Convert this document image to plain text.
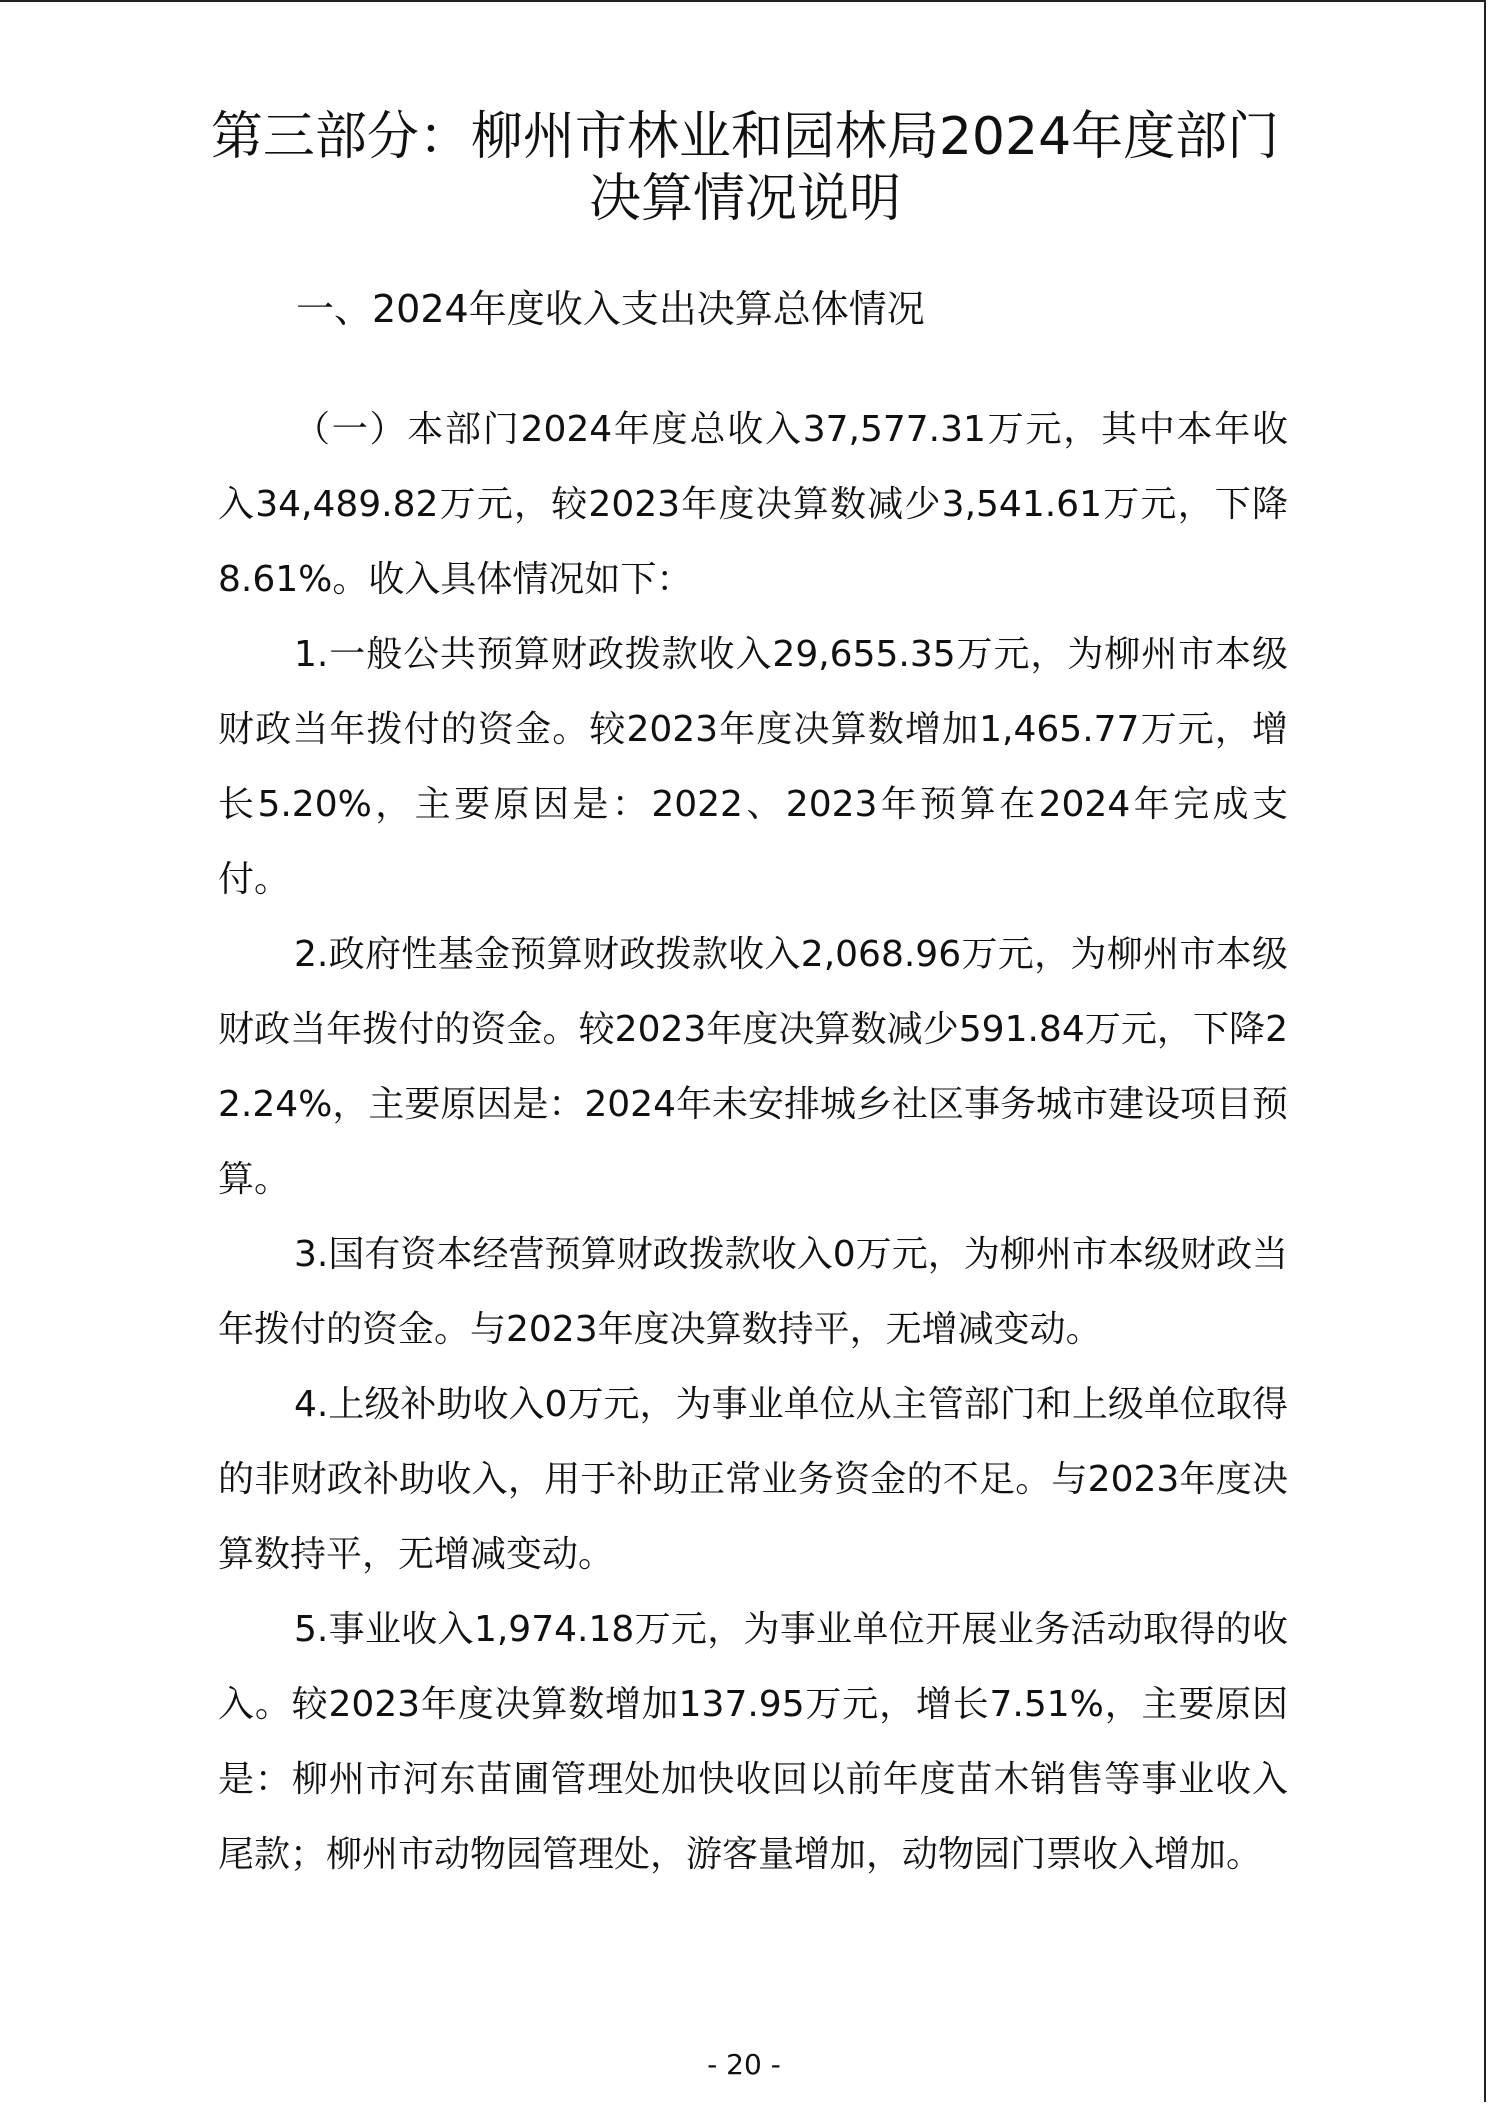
第三部分：柳州市林业和园林局2024年度部门决算情况说明
一、2024年度收入支出决算总体情况

（一）本部门2024年度总收入37,577.31万元，其中本年收入34,489.82万元，较2023年度决算数减少3,541.61万元，下降8.61%。收入具体情况如下：

1.一般公共预算财政拨款收入29,655.35万元，为柳州市本级财政当年拨付的资金。较2023年度决算数增加1,465.77万元，增长5.20%，主要原因是：2022、2023年预算在2024年完成支付。

2.政府性基金预算财政拨款收入2,068.96万元，为柳州市本级财政当年拨付的资金。较2023年度决算数减少591.84万元，下降22.24%，主要原因是：2024年未安排城乡社区事务城市建设项目预算。

3.国有资本经营预算财政拨款收入0万元，为柳州市本级财政当年拨付的资金。与2023年度决算数持平，无增减变动。

4.上级补助收入0万元，为事业单位从主管部门和上级单位取得的非财政补助收入，用于补助正常业务资金的不足。与2023年度决算数持平，无增减变动。

5.事业收入1,974.18万元，为事业单位开展业务活动取得的收入。较2023年度决算数增加137.95万元，增长7.51%，主要原因是：柳州市河东苗圃管理处加快收回以前年度苗木销售等事业收入尾款；柳州市动物园管理处，游客量增加，动物园门票收入增加。

- 20 -
